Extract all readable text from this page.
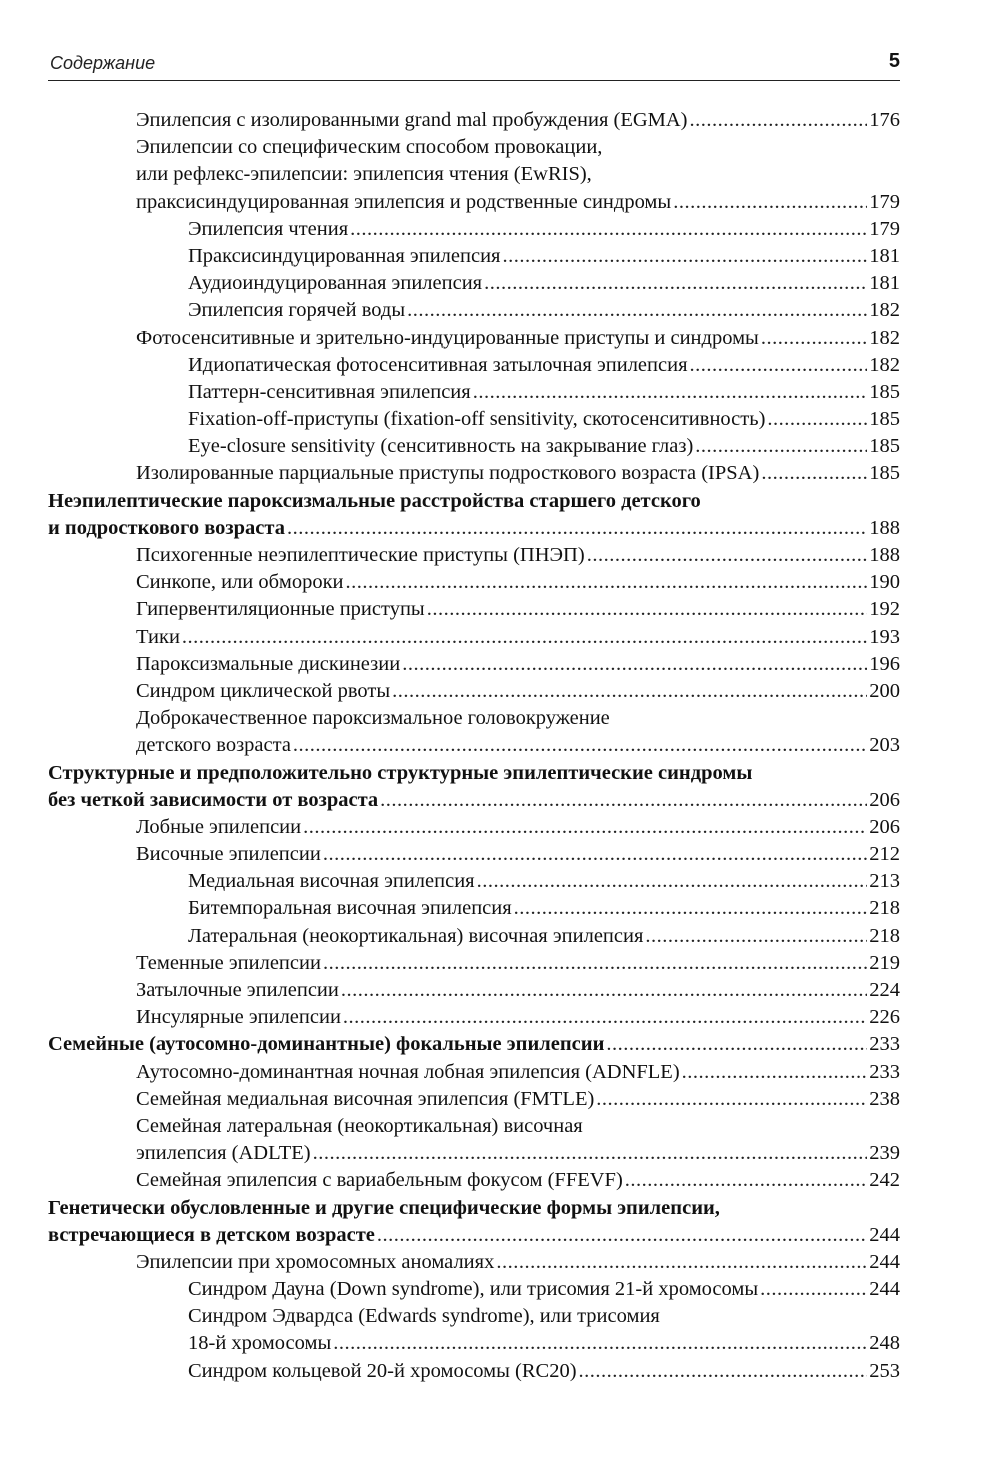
Содержание	5
Эпилепсия с изолированными grand mal пробуждения (EGMA) .....	176
Эпилепсии со специфическим способом провокации,
или рефлекс-эпилепсии: эпилепсия чтения (EwRIS),
праксисиндуцированная эпилепсия и родственные синдромы .....	179
Эпилепсия чтения .....	179
Праксисиндуцированная эпилепсия .....	181
Аудиоиндуцированная эпилепсия .....	181
Эпилепсия горячей воды .....	182
Фотосенситивные и зрительно-индуцированные приступы и синдромы .....	182
Идиопатическая фотосенситивная затылочная эпилепсия .....	182
Паттерн-сенситивная эпилепсия .....	185
Fixation-off-приступы (fixation-off sensitivity, скотосенситивность) .....	185
Eye-closure sensitivity (сенситивность на закрывание глаз) .....	185
Изолированные парциальные приступы подросткового возраста (IPSA) .....	185
Неэпилептические пароксизмальные расстройства старшего детского
и подросткового возраста .....	188
Психогенные неэпилептические приступы (ПНЭП) .....	188
Синкопе, или обмороки .....	190
Гипервентиляционные приступы .....	192
Тики .....	193
Пароксизмальные дискинезии .....	196
Синдром циклической рвоты .....	200
Доброкачественное пароксизмальное головокружение
детского возраста .....	203
Структурные и предположительно структурные эпилептические синдромы
без четкой зависимости от возраста .....	206
Лобные эпилепсии .....	206
Височные эпилепсии .....	212
Медиальная височная эпилепсия .....	213
Битемпоральная височная эпилепсия .....	218
Латеральная (неокортикальная) височная эпилепсия .....	218
Теменные эпилепсии .....	219
Затылочные эпилепсии .....	224
Инсулярные эпилепсии .....	226
Семейные (аутосомно-доминантные) фокальные эпилепсии .....	233
Аутосомно-доминантная ночная лобная эпилепсия (ADNFLE) .....	233
Семейная медиальная височная эпилепсия (FMTLE) .....	238
Семейная латеральная (неокортикальная) височная
эпилепсия (ADLTE) .....	239
Семейная эпилепсия с вариабельным фокусом (FFEVF) .....	242
Генетически обусловленные и другие специфические формы эпилепсии,
встречающиеся в детском возрасте .....	244
Эпилепсии при хромосомных аномалиях .....	244
Синдром Дауна (Down syndrome), или трисомия 21-й хромосомы .....	244
Синдром Эдвардса (Edwards syndrome), или трисомия
18-й хромосомы .....	248
Синдром кольцевой 20-й хромосомы (RC20) .....	253
